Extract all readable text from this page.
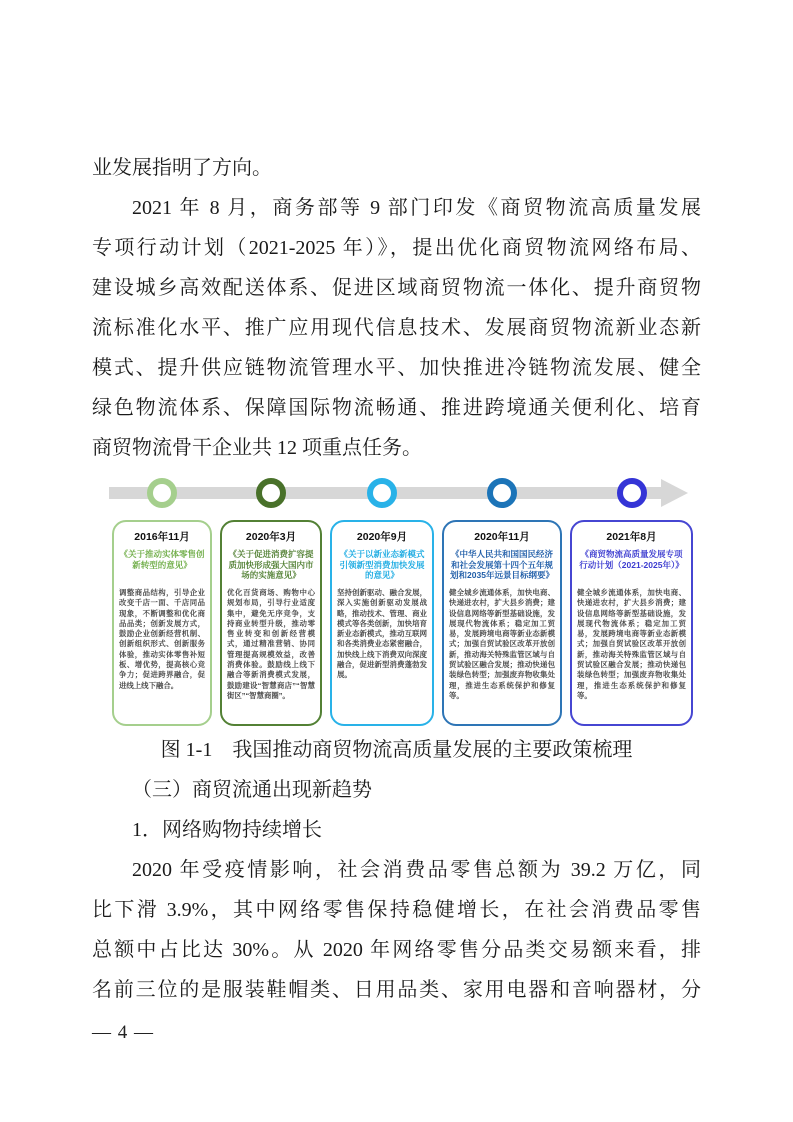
业发展指明了方向。
2021 年 8 月，商务部等 9 部门印发《商贸物流高质量发展
专项行动计划（2021-2025 年）》，提出优化商贸物流网络布局、
建设城乡高效配送体系、促进区域商贸物流一体化、提升商贸物
流标准化水平、推广应用现代信息技术、发展商贸物流新业态新
模式、提升供应链物流管理水平、加快推进冷链物流发展、健全
绿色物流体系、保障国际物流畅通、推进跨境通关便利化、培育
商贸物流骨干企业共 12 项重点任务。
2016年11月
《关于推动实体零售创新转型的意见》
调整商品结构，引导企业改变千店一面、千店同品现象，不断调整和优化商品品类；创新发展方式，鼓励企业创新经营机制、创新组织形式、创新服务体验，推动实体零售补短板、增优势，提高核心竞争力；促进跨界融合，促进线上线下融合。
2020年3月
《关于促进消费扩容提质加快形成强大国内市场的实施意见》
优化百货商场、购物中心规划布局，引导行业适度集中，避免无序竞争，支持商业转型升级，推动零售业转变和创新经营模式，通过精准营销、协同管理提高规模效益，改善消费体验。鼓励线上线下融合等新消费模式发展，鼓励建设“智慧商店”“智慧街区”“智慧商圈”。
2020年9月
《关于以新业态新模式引领新型消费加快发展的意见》
坚持创新驱动、融合发展，深入实施创新驱动发展战略，推动技术、管理、商业模式等各类创新，加快培育新业态新模式，推动互联网和各类消费业态紧密融合，加快线上线下消费双向深度融合，促进新型消费蓬勃发展。
2020年11月
《中华人民共和国国民经济和社会发展第十四个五年规划和2035年远景目标纲要》
健全城乡流通体系，加快电商、快递进农村，扩大县乡消费；建设信息网络等新型基础设施，发展现代物流体系；稳定加工贸易，发展跨境电商等新业态新模式；加强自贸试验区改革开放创新，推动海关特殊监管区域与自贸试验区融合发展；推动快递包装绿色转型；加强废弃物收集处理，推进生态系统保护和修复等。
2021年8月
《商贸物流高质量发展专项行动计划（2021-2025年）》
健全城乡流通体系，加快电商、快递进农村，扩大县乡消费；建设信息网络等新型基础设施，发展现代物流体系；稳定加工贸易，发展跨境电商等新业态新模式；加强自贸试验区改革开放创新，推动海关特殊监管区域与自贸试验区融合发展；推动快递包装绿色转型；加强废弃物收集处理，推进生态系统保护和修复等。
图 1-1　我国推动商贸物流高质量发展的主要政策梳理
（三）商贸流通出现新趋势
1．网络购物持续增长
2020 年受疫情影响，社会消费品零售总额为 39.2 万亿，同
比下滑 3.9%，其中网络零售保持稳健增长，在社会消费品零售
总额中占比达 30%。从 2020 年网络零售分品类交易额来看，排
名前三位的是服装鞋帽类、日用品类、家用电器和音响器材，分
— 4 —
